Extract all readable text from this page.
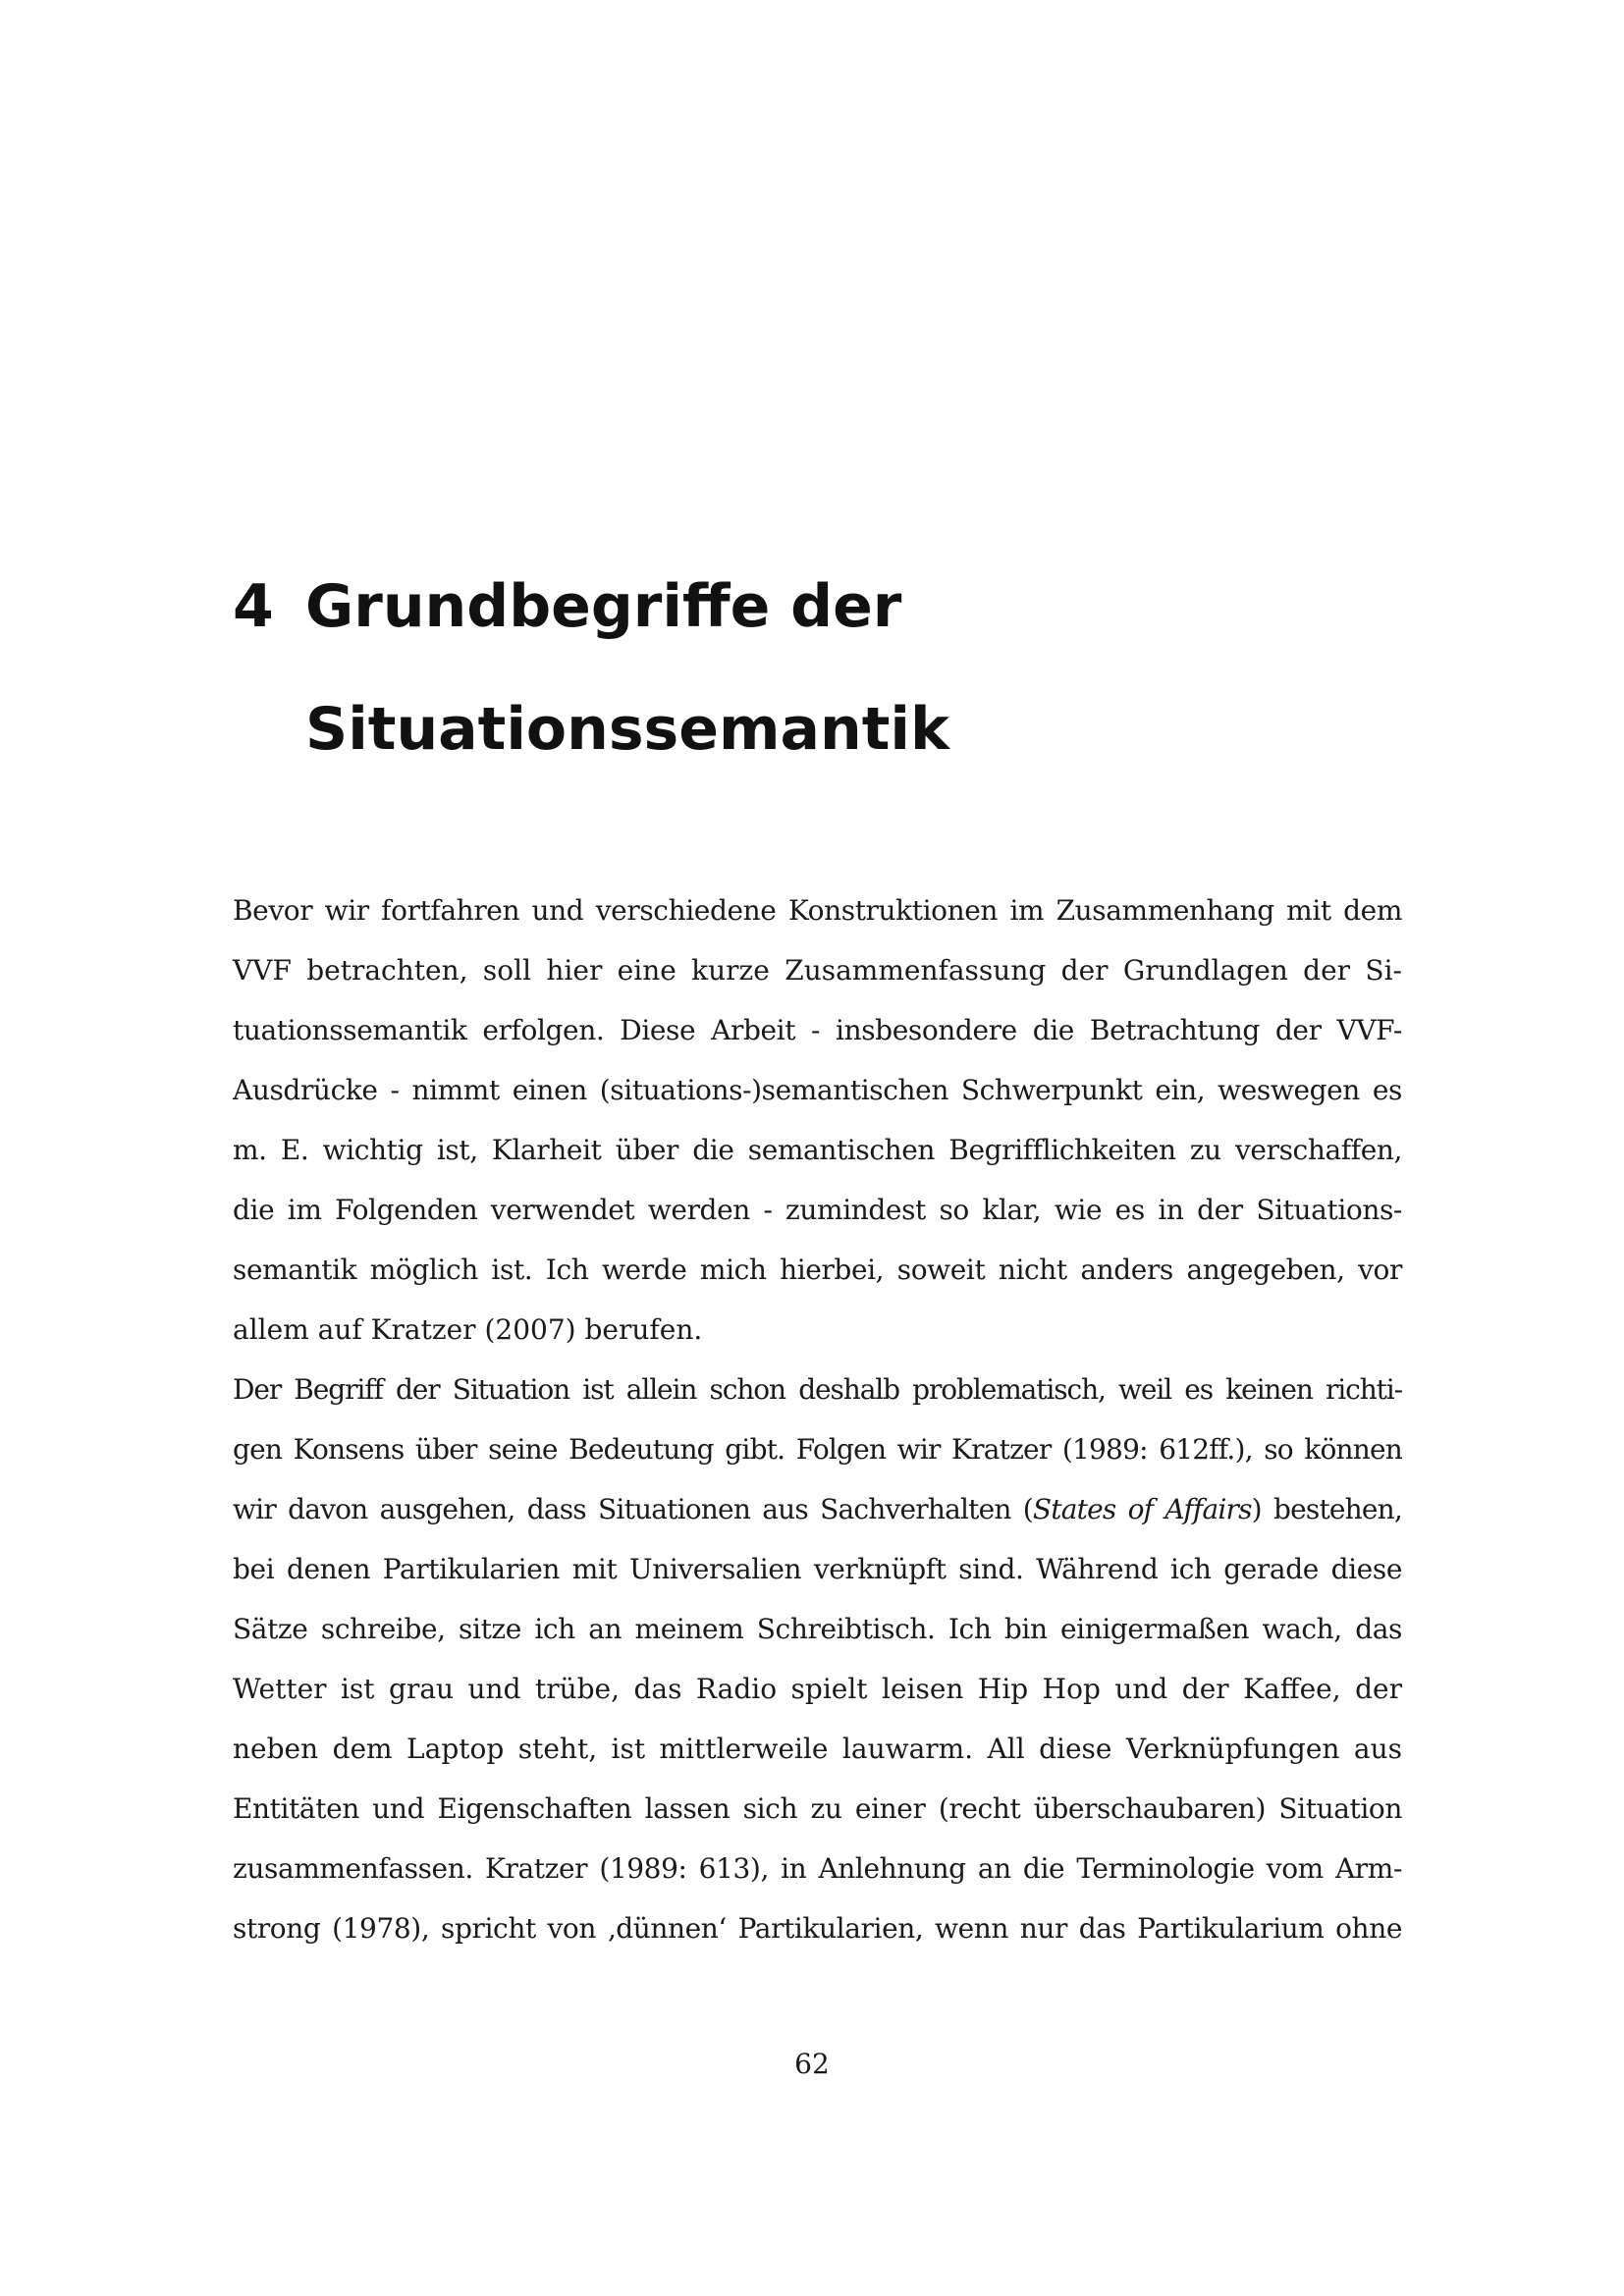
4 Grundbegriffe der
Situationssemantik
Bevor wir fortfahren und verschiedene Konstruktionen im Zusammenhang mit dem
VVF betrachten, soll hier eine kurze Zusammenfassung der Grundlagen der Si-
tuationssemantik erfolgen. Diese Arbeit - insbesondere die Betrachtung der VVF-
Ausdrücke - nimmt einen (situations-)semantischen Schwerpunkt ein, weswegen es
m. E. wichtig ist, Klarheit über die semantischen Begrifflichkeiten zu verschaffen,
die im Folgenden verwendet werden - zumindest so klar, wie es in der Situations-
semantik möglich ist. Ich werde mich hierbei, soweit nicht anders angegeben, vor
allem auf Kratzer (2007) berufen.
Der Begriff der Situation ist allein schon deshalb problematisch, weil es keinen richti-
gen Konsens über seine Bedeutung gibt. Folgen wir Kratzer (1989: 612ff.), so können
wir davon ausgehen, dass Situationen aus Sachverhalten (States of Affairs) bestehen,
bei denen Partikularien mit Universalien verknüpft sind. Während ich gerade diese
Sätze schreibe, sitze ich an meinem Schreibtisch. Ich bin einigermaßen wach, das
Wetter ist grau und trübe, das Radio spielt leisen Hip Hop und der Kaffee, der
neben dem Laptop steht, ist mittlerweile lauwarm. All diese Verknüpfungen aus
Entitäten und Eigenschaften lassen sich zu einer (recht überschaubaren) Situation
zusammenfassen. Kratzer (1989: 613), in Anlehnung an die Terminologie vom Arm-
strong (1978), spricht von ‚dünnen‘ Partikularien, wenn nur das Partikularium ohne
62
